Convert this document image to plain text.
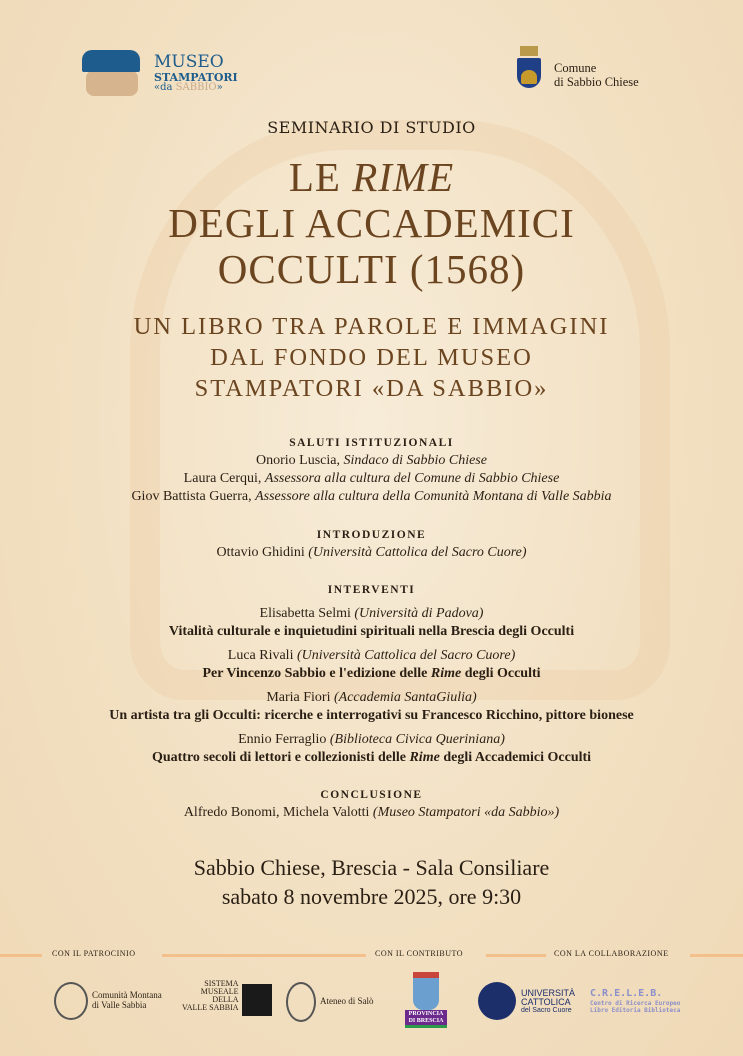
MUSEO
STAMPATORI
«da SABBIO»
Comune
di Sabbio Chiese
SEMINARIO DI STUDIO
LE RIME
DEGLI ACCADEMICI
OCCULTI (1568)
UN LIBRO TRA PAROLE E IMMAGINI
DAL FONDO DEL MUSEO
STAMPATORI «DA SABBIO»
SALUTI ISTITUZIONALI
Onorio Luscia, Sindaco di Sabbio Chiese
Laura Cerqui, Assessora alla cultura del Comune di Sabbio Chiese
Giov Battista Guerra, Assessore alla cultura della Comunità Montana di Valle Sabbia
INTRODUZIONE
Ottavio Ghidini (Università Cattolica del Sacro Cuore)
INTERVENTI
Elisabetta Selmi (Università di Padova)
Vitalità culturale e inquietudini spirituali nella Brescia degli Occulti
Luca Rivali (Università Cattolica del Sacro Cuore)
Per Vincenzo Sabbio e l'edizione delle Rime degli Occulti
Maria Fiori (Accademia SantaGiulia)
Un artista tra gli Occulti: ricerche e interrogativi su Francesco Ricchino, pittore bionese
Ennio Ferraglio (Biblioteca Civica Queriniana)
Quattro secoli di lettori e collezionisti delle Rime degli Accademici Occulti
CONCLUSIONE
Alfredo Bonomi, Michela Valotti (Museo Stampatori «da Sabbio»)
Sabbio Chiese, Brescia - Sala Consiliare
sabato 8 novembre 2025, ore 9:30
CON IL PATROCINIO	CON IL CONTRIBUTO	CON LA COLLABORAZIONE
Comunità Montana
di Valle Sabbia
SISTEMA
MUSEALE
DELLA
VALLE SABBIA
Ateneo di Salò
PROVINCIA
DI BRESCIA
UNIVERSITÀ
CATTOLICA
del Sacro Cuore
C.R.E.L.E.B.
Centro di Ricerca Europeo
Libro Editoria Biblioteca
